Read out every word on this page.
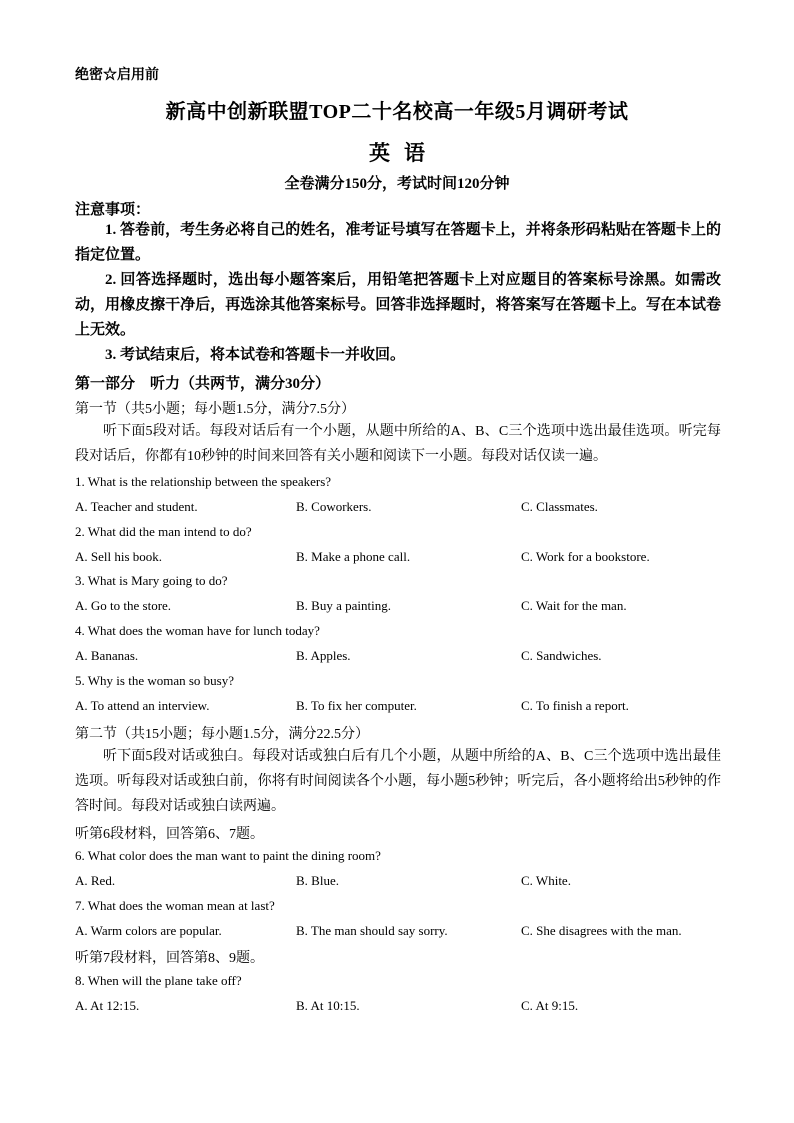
绝密☆启用前
新高中创新联盟TOP二十名校高一年级5月调研考试
英语
全卷满分150分，考试时间120分钟
注意事项：
1. 答卷前，考生务必将自己的姓名，准考证号填写在答题卡上，并将条形码粘贴在答题卡上的指定位置。
2. 回答选择题时，选出每小题答案后，用铅笔把答题卡上对应题目的答案标号涂黑。如需改动，用橡皮擦干净后，再选涂其他答案标号。回答非选择题时，将答案写在答题卡上。写在本试卷上无效。
3. 考试结束后，将本试卷和答题卡一并收回。
第一部分　听力（共两节，满分30分）
第一节（共5小题；每小题1.5分，满分7.5分）
听下面5段对话。每段对话后有一个小题，从题中所给的A、B、C三个选项中选出最佳选项。听完每段对话后，你都有10秒钟的时间来回答有关小题和阅读下一小题。每段对话仅读一遍。
1. What is the relationship between the speakers?
A. Teacher and student.	B. Coworkers.	C. Classmates.
2. What did the man intend to do?
A. Sell his book.	B. Make a phone call.	C. Work for a bookstore.
3. What is Mary going to do?
A. Go to the store.	B. Buy a painting.	C. Wait for the man.
4. What does the woman have for lunch today?
A. Bananas.	B. Apples.	C. Sandwiches.
5. Why is the woman so busy?
A. To attend an interview.	B. To fix her computer.	C. To finish a report.
第二节（共15小题；每小题1.5分，满分22.5分）
听下面5段对话或独白。每段对话或独白后有几个小题，从题中所给的A、B、C三个选项中选出最佳选项。听每段对话或独白前，你将有时间阅读各个小题，每小题5秒钟；听完后，各小题将给出5秒钟的作答时间。每段对话或独白读两遍。
听第6段材料，回答第6、7题。
6. What color does the man want to paint the dining room?
A. Red.	B. Blue.	C. White.
7. What does the woman mean at last?
A. Warm colors are popular.	B. The man should say sorry.	C. She disagrees with the man.
听第7段材料，回答第8、9题。
8. When will the plane take off?
A. At 12:15.	B. At 10:15.	C. At 9:15.
